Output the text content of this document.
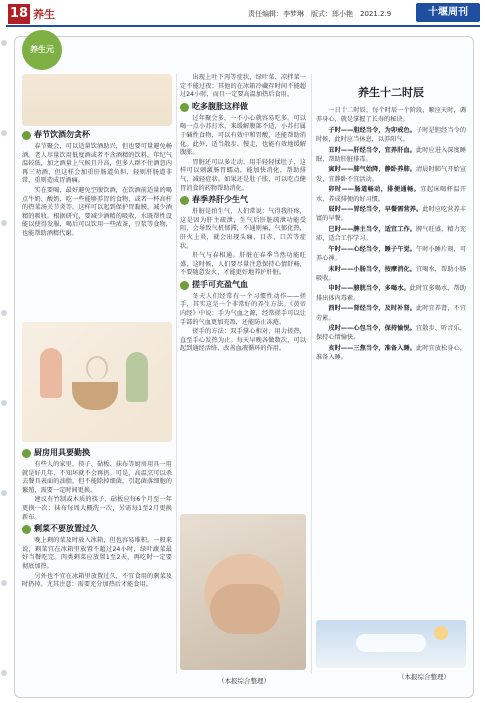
18 养生	责任编辑：李梦琳　版式：郎小艳　2021.2.9	十堰周刊
养生元
春节饮酒勿贪杯

春节聚会，可以适量饮酒助兴，但也要可量避免畅酒。老人尽量饮用低度酒或者不含酒精的饮料，年纪气温较低，加之酒量上气候且升高，但多人群不住酒忽内再三劝酒，但这样会加重肝肠道负担，轻则肝肠道非常，重则造成胃酒痛。

实在要喝，最好避免空腹饮酒，在饮酒前适量的喝点牛奶、酸奶，吃一些能够养胃的食物，或者一杯高杆的热菜汤关节炎等。这样可以起到保护胃黏膜，减少酒精的吸收。根据研究，要减少酒精的吸收，水既帮性设能以使得发服，喝后可以饮用一些浓茶，豆浆等食物，也能帮助酒精代谢。

厨房用具要勤换

有些人的家里，筷子、砧板、抹布等厨房用具一用就是好几年，不知坏就不会再扔。可是，高温烹可以杀去餐具表面的油脂，但不能除掉细菌，引起菌落细胞的繁殖，需要一定时间更换。

建议有竹制或木质的筷子、砧板应每6个月至一年更换一次；抹布每周大概洗一次，另需每1至2月更换新布。

剩菜不要放置过久

晚上剩的菜及时放入冰箱，但也容易堆积。一般来说，剩菜宜在冰箱里放置不超过24小时，绿叶蔬菜最好当餐吃完。肉类剩菜应放置1至2天，再吃时一定要彻底加热。

另外也不宜在冰箱里放置过久，不宜食用的剩菜及时扔掉。尤其注意：需要充分加热后才能食用。

出现上吐下泻等症状，绿叶菜、凉拌菜一定不能过夜；其他的在冰箱冷藏存时间不能超过24小时，而且一定要高温加热后食用。

吃多腹胀这样做

过年聚会多，一不小心就容易吃多。可以喝一点小苏打水，来缓解腹部不适，小苏打属于碱性食物，可以有效中和胃酸，还能帮助消化。此外，适当散步、慢走，也能有效地缓解腹胀。

胃脏还可以多走动，用手轻轻揉肚子，这样可以刺激肠胃蠕动，能加快消化，帮助排气，减轻症状。如果还是肚子胀，可以吃点健胃消食的药物帮助消化。

春季养肝少生气

肝脏是怕生气，人们常说：气得我肝疼，这是因为肝主疏泄，生气后肝脏疏泄功能受阻，会导致气机郁滞，不通则痛，气郁化热，肝火上炎，就会出现头痛、目赤、口苦等症状。

肝气与春相通。肝脏在春季当然功能旺盛，这时候，人们要尽量注意保持心情舒畅，不要随意发火，才能更好地养护肝脏。

搓手可充盈气血

冬天人们经常有一个习惯性动作——搓手，其实这是一个非常好的养生方法。《黄帝内经》中说：手为气血之源，经常搓手可以让手部的气血更加充盈，还能防止冻疮。

搓手的方法：双手掌心相对，用力搓热，直至手心发热为止。每天早晚各做数次，可以起到通经活络、改善血液循环的作用。

（本报综合整理）
养生十二时辰

一日十二时辰，每个时辰一个阶段，顺应天时，调养身心，就是掌握了长寿的秘诀。

子时——胆经当令，为卯戒色。子时是胆经当令的时候，此时应当休息，以养阳气。

丑时——肝经当令，宜养肝血。此时应进入深度睡眠，帮助肝脏排毒。

寅时——肺气始降，静卧养肺。清晨时肺气开始宣发，宜静卧不宜活动。

卯时——肠道畅动，排便通畅。宜起床喝杯温开水，养成排便的好习惯。

辰时——胃经当令，早餐需营养。此时应吃营养丰富的早餐。

巳时——脾主当令，适宜工作。脾气旺盛，精力充沛，适合工作学习。

午时——心经当令，睡子午觉。午时小睡片刻，可养心神。

未时——小肠当令，按摩消化。宜喝水，帮助小肠吸收。

申时——膀胱当令，多喝水。此时宜多喝水，帮助排出体内毒素。

酉时——肾经当令，及时补肾。此时宜养肾，不宜劳累。

戌时——心包当令，保持愉悦。宜散步、听音乐，保持心情愉快。

亥时——三焦当令，准备入睡。此时宜放松身心，准备入睡。

（本报综合整理）
